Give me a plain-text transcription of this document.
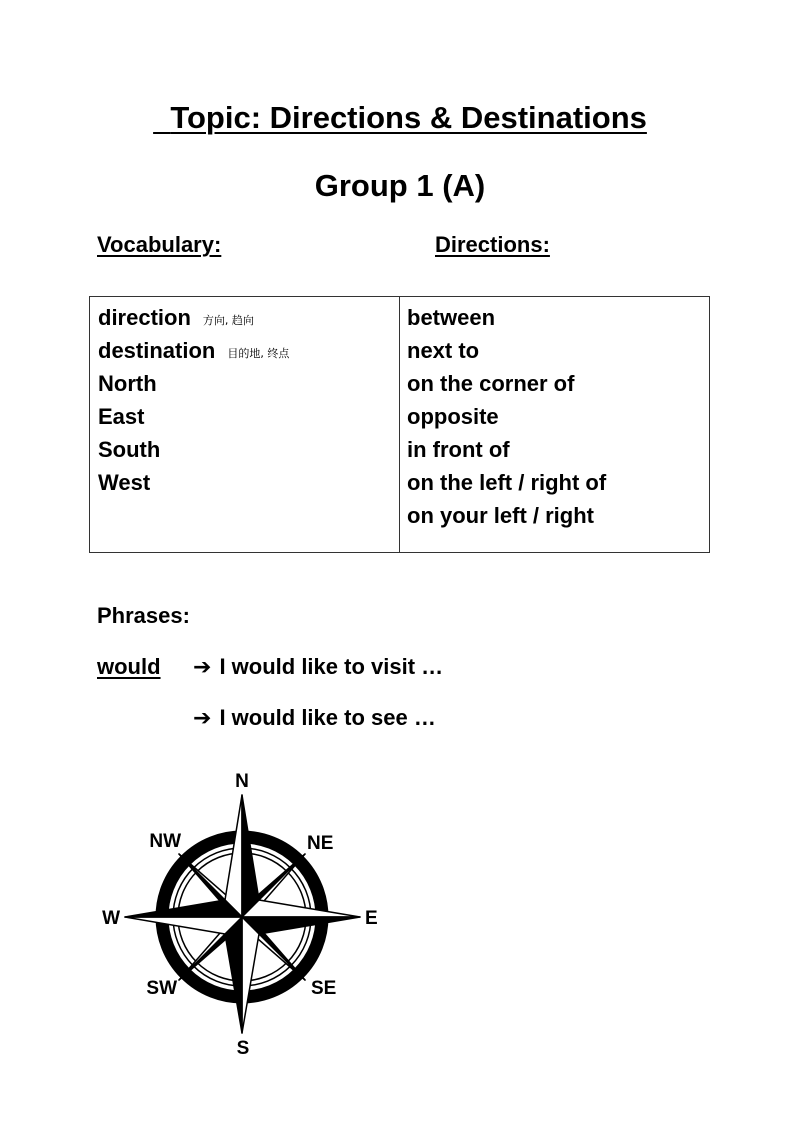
Topic: Directions & Destinations
Group 1 (A)
Vocabulary:	Directions:
direction 方向, 趋向
destination 目的地, 终点
North
East
South
West
between
next to
on the corner of
opposite
in front of
on the left / right of
on your left / right
Phrases:
would ➔ I would like to visit …
➔ I would like to see …
N
NE
E
SE
S
SW
W
NW
